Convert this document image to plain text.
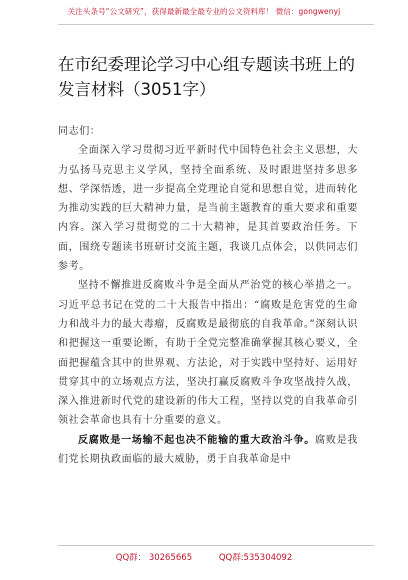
关注头条号“公文研究”，获得最新最全最专业的公文资料库！ 微信：gongwenyj
在市纪委理论学习中心组专题读书班上的发言材料（3051字）

同志们：

全面深入学习贯彻习近平新时代中国特色社会主义思想，大力弘扬马克思主义学风，坚持全面系统、及时跟进坚持多思多想、学深悟透，进一步提高全党理论自觉和思想自觉，进而转化为推动实践的巨大精神力量，是当前主题教育的重大要求和重要内容。深入学习贯彻党的二十大精神，是其首要政治任务。下面，围绕专题读书班研讨交流主题，我谈几点体会，以供同志们参考。

坚持不懈推进反腐败斗争是全面从严治党的核心举措之一。习近平总书记在党的二十大报告中指出：“腐败是危害党的生命力和战斗力的最大毒瘤，反腐败是最彻底的自我革命。”深刻认识和把握这一重要论断，有助于全党完整准确掌握其核心要义，全面把握蕴含其中的世界观、方法论，对于实践中坚持好、运用好贯穿其中的立场观点方法，坚决打赢反腐败斗争攻坚战持久战，深入推进新时代党的建设新的伟大工程，坚持以党的自我革命引领社会革命也具有十分重要的意义。

反腐败是一场输不起也决不能输的重大政治斗争。腐败是我们党长期执政面临的最大威胁，勇于自我革命是中

QQ群： 30265665	QQ群:535304092
